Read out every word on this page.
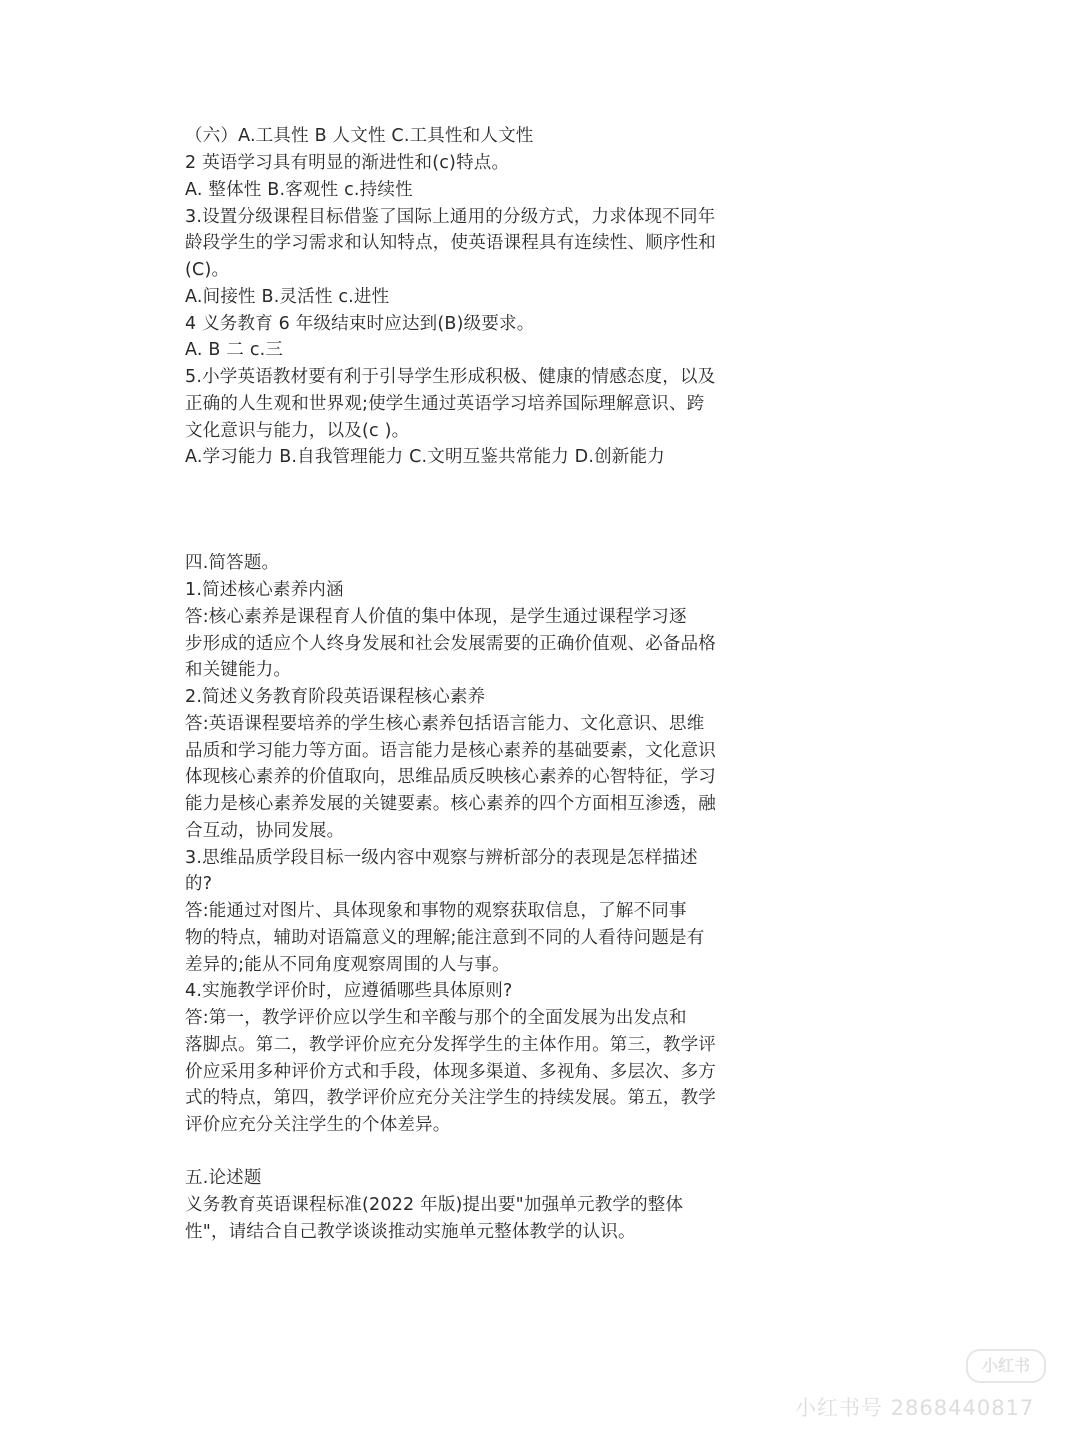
（六）A.工具性 B 人文性 C.工具性和人文性
2 英语学习具有明显的渐进性和(c)特点。
A. 整体性 B.客观性 c.持续性
3.设置分级课程目标借鉴了国际上通用的分级方式，力求体现不同年
龄段学生的学习需求和认知特点，使英语课程具有连续性、顺序性和
(C)。
A.间接性 B.灵活性 c.进性
4 义务教育 6 年级结束时应达到(B)级要求。
A. B 二 c.三
5.小学英语教材要有利于引导学生形成积极、健康的情感态度，以及
正确的人生观和世界观;使学生通过英语学习培养国际理解意识、跨
文化意识与能力，以及(c )。
A.学习能力 B.自我管理能力 C.文明互鉴共常能力 D.创新能力
四.简答题。
1.简述核心素养内涵
答:核心素养是课程育人价值的集中体现，是学生通过课程学习逐
步形成的适应个人终身发展和社会发展需要的正确价值观、必备品格
和关键能力。
2.简述义务教育阶段英语课程核心素养
答:英语课程要培养的学生核心素养包括语言能力、文化意识、思维
品质和学习能力等方面。语言能力是核心素养的基础要素，文化意识
体现核心素养的价值取向，思维品质反映核心素养的心智特征，学习
能力是核心素养发展的关键要素。核心素养的四个方面相互渗透，融
合互动，协同发展。
3.思维品质学段目标一级内容中观察与辨析部分的表现是怎样描述
的?
答:能通过对图片、具体现象和事物的观察获取信息，了解不同事
物的特点，辅助对语篇意义的理解;能注意到不同的人看待问题是有
差异的;能从不同角度观察周围的人与事。
4.实施教学评价时，应遵循哪些具体原则?
答:第一，教学评价应以学生和辛酸与那个的全面发展为出发点和
落脚点。第二，教学评价应充分发挥学生的主体作用。第三，教学评
价应采用多种评价方式和手段，体现多渠道、多视角、多层次、多方
式的特点，第四，教学评价应充分关注学生的持续发展。第五，教学
评价应充分关注学生的个体差异。
五.论述题
义务教育英语课程标准(2022 年版)提出要"加强单元教学的整体
性"，请结合自己教学谈谈推动实施单元整体教学的认识。
小红书
小红书号 2868440817
